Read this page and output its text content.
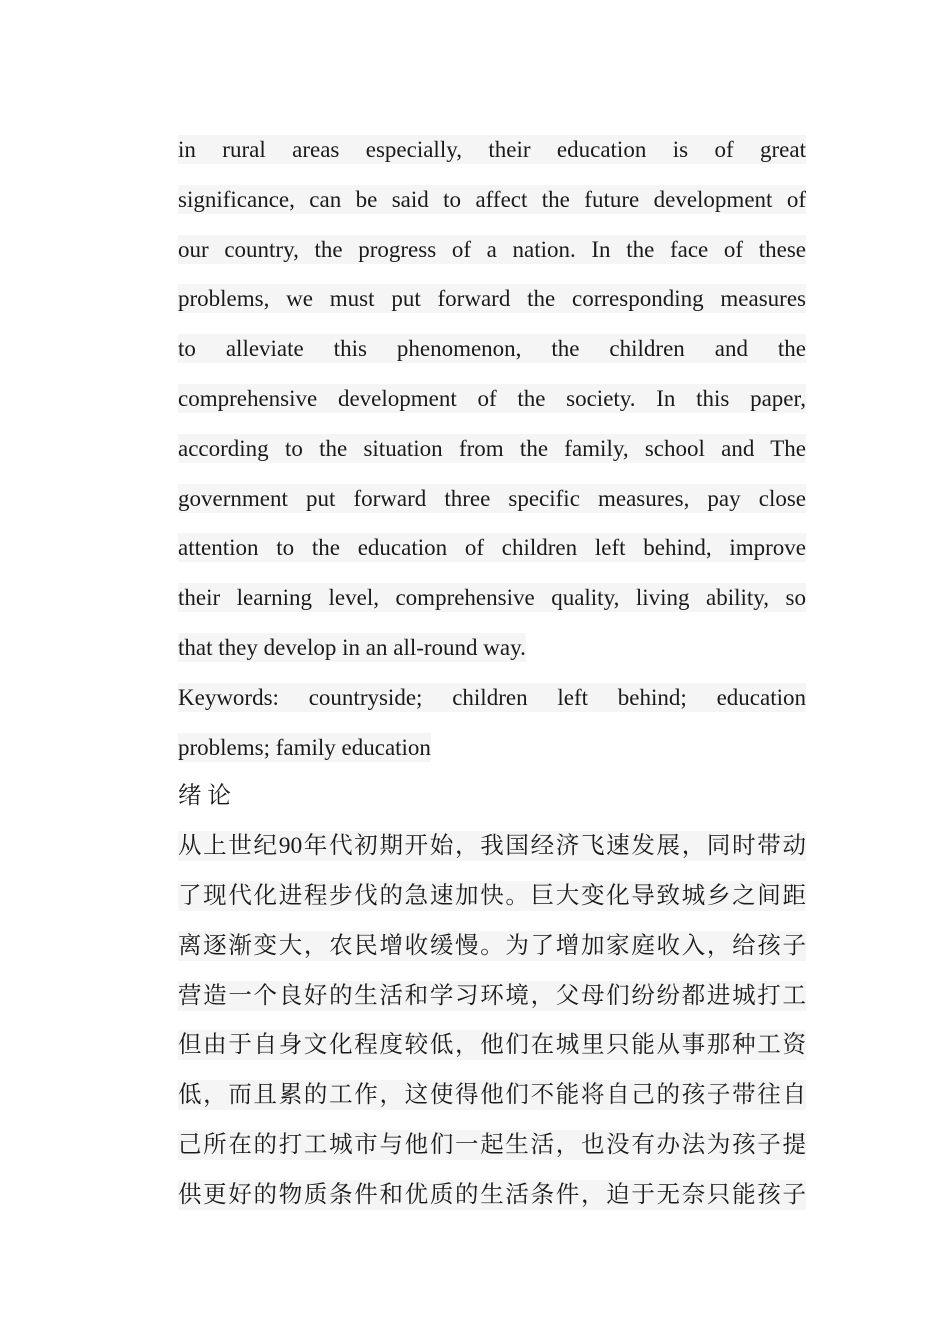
in rural areas especially, their education is of great
significance, can be said to affect the future development of
our country, the progress of a nation. In the face of these
problems, we must put forward the corresponding measures
to alleviate this phenomenon, the children and the
comprehensive development of the society. In this paper,
according to the situation from the family, school and The
government put forward three specific measures, pay close
attention to the education of children left behind, improve
their learning level, comprehensive quality, living ability, so
that they develop in an all-round way.
Keywords: countryside; children left behind; education
problems; family education
绪 论
从上世纪90年代初期开始，我国经济飞速发展，同时带动
了现代化进程步伐的急速加快。巨大变化导致城乡之间距
离逐渐变大，农民增收缓慢。为了增加家庭收入，给孩子
营造一个良好的生活和学习环境，父母们纷纷都进城打工
但由于自身文化程度较低，他们在城里只能从事那种工资
低，而且累的工作，这使得他们不能将自己的孩子带往自
己所在的打工城市与他们一起生活，也没有办法为孩子提
供更好的物质条件和优质的生活条件，迫于无奈只能孩子
